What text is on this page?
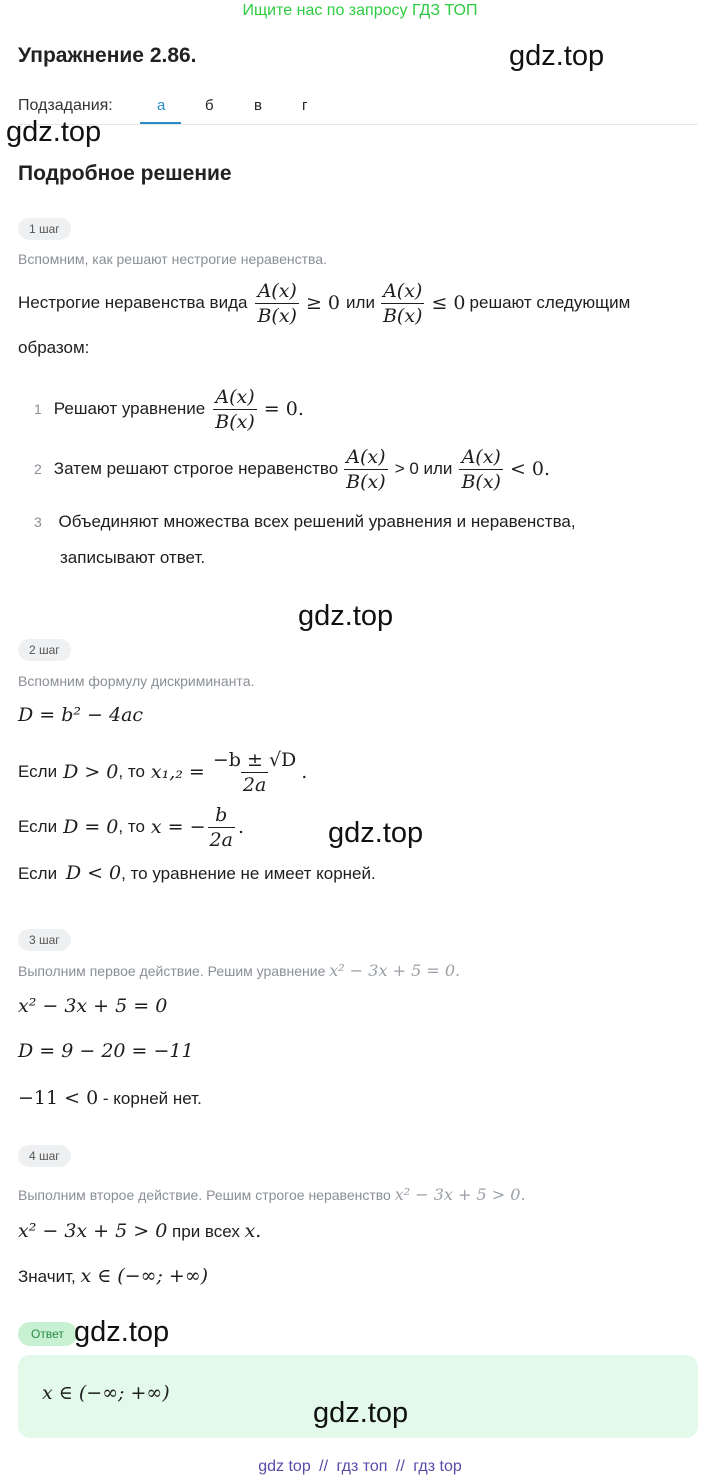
Ищите нас по запросу ГДЗ ТОП
Упражнение 2.86.	gdz.top
Подзадания:	а	б	в	г
gdz.top
Подробное решение
1 шаг
Вспомним, как решают нестрогие неравенства.
Нестрогие неравенства вида $\frac{A(x)}{B(x)} \ge 0$ или $\frac{A(x)}{B(x)} \le 0$ решают следующим
образом:
1 Решают уравнение $\frac{A(x)}{B(x)} = 0$.
2 Затем решают строгое неравенство $\frac{A(x)}{B(x)} > 0$ или $\frac{A(x)}{B(x)} < 0$.
3 Объединяют множества всех решений уравнения и неравенства,
записывают ответ.
gdz.top
2 шаг
Вспомним формулу дискриминанта.
D = b² − 4ac
Если D > 0 , то $x_1,_2 = \frac{-b \pm √D}{2a}$ .
Если D = 0 , то x = − $\frac{b}{2a}$ .	gdz.top
Если D < 0, то уравнение не имеет корней.
3 шаг
Выполним первое действие. Решим уравнение x² − 3x + 5 = 0.
x² − 3x + 5 = 0
D = 9 − 20 = −11
−11 < 0 - корней нет.
4 шаг
Выполним второе действие. Решим строгое неравенство x² − 3x + 5 > 0.
x² − 3x + 5 > 0 при всех x.
Значит, x ∈ (−∞; +∞)
Ответ gdz.top
x ∈ (−∞; +∞)
gdz.top
gdz top // гдз топ // гдз top
